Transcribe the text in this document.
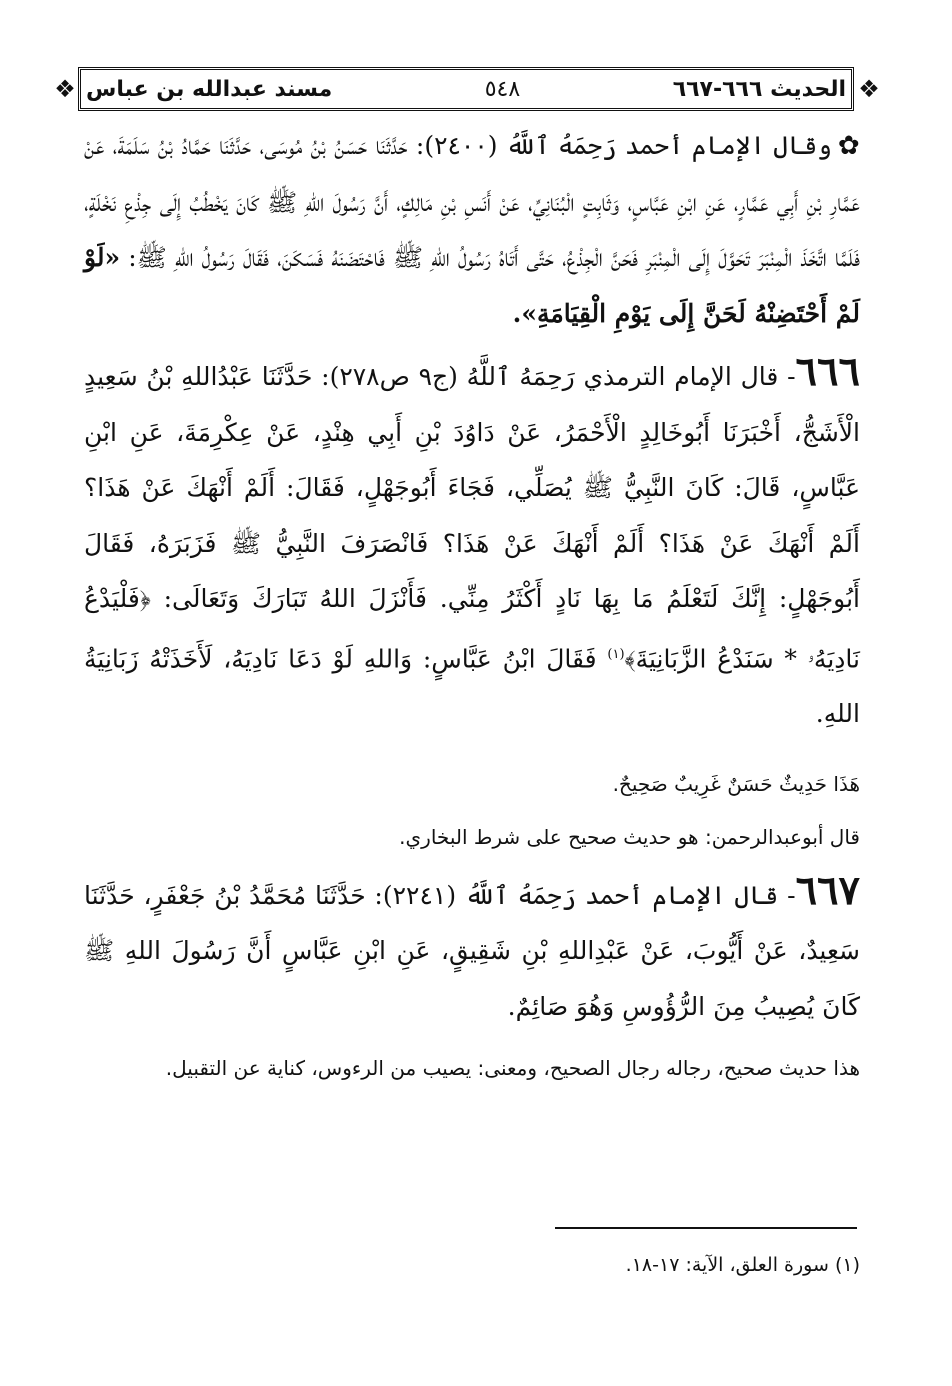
❖	❖
الحديث ٦٦٦-٦٦٧
٥٤٨
مسند عبدالله بن عباس

✿وقال الإمام أحمد رَحِمَهُ ٱللَّهُ (٢٤٠٠): حَدَّثَنَا حَسَنُ بْنُ مُوسَى، حَدَّثَنَا حَمَّادُ بْنُ سَلَمَةَ، عَنْ عَمَّارِ بْنِ أَبِي عَمَّارٍ، عَنِ ابْنِ عَبَّاسٍ، وَثَابِتٍ الْبُنَانِيِّ، عَنْ أَنَسِ بْنِ مَالِكٍ، أَنَّ رَسُولَ اللهِ ﷺ كَانَ يَخْطُبُ إِلَى جِذْعِ نَخْلَةٍ، فَلَمَّا اتَّخَذَ الْمِنْبَرَ تَحَوَّلَ إِلَى الْمِنْبَرِ فَحَنَّ الْجِذْعُ، حَتَّى أَتَاهُ رَسُولُ اللهِ ﷺ فَاحْتَضَنَهُ فَسَكَنَ، فَقَالَ رَسُولُ اللهِ ﷺ: «لَوْ لَمْ أَحْتَضِنْهُ لَحَنَّ إِلَى يَوْمِ الْقِيَامَةِ».

٦٦٦- قال الإمام الترمذي رَحِمَهُ ٱللَّهُ (ج٩ ص٢٧٨): حَدَّثَنَا عَبْدُاللهِ بْنُ سَعِيدٍ الْأَشَجُّ، أَخْبَرَنَا أَبُوخَالِدٍ الْأَحْمَرُ، عَنْ دَاوُدَ بْنِ أَبِي هِنْدٍ، عَنْ عِكْرِمَةَ، عَنِ ابْنِ عَبَّاسٍ، قَالَ: كَانَ النَّبِيُّ ﷺ يُصَلِّي، فَجَاءَ أَبُوجَهْلٍ، فَقَالَ: أَلَمْ أَنْهَكَ عَنْ هَذَا؟ أَلَمْ أَنْهَكَ عَنْ هَذَا؟ أَلَمْ أَنْهَكَ عَنْ هَذَا؟ فَانْصَرَفَ النَّبِيُّ ﷺ فَزَبَرَهُ، فَقَالَ أَبُوجَهْلٍ: إِنَّكَ لَتَعْلَمُ مَا بِهَا نَادٍ أَكْثَرُ مِنِّي. فَأَنْزَلَ اللهُ تَبَارَكَ وَتَعَالَى: ﴿فَلْيَدْعُ نَادِيَهُۥ * سَنَدْعُ الزَّبَانِيَةَ﴾$^{(١)}$ فَقَالَ ابْنُ عَبَّاسٍ: وَاللهِ لَوْ دَعَا نَادِيَهُ، لَأَخَذَتْهُ زَبَانِيَةُ اللهِ.

هَذَا حَدِيثٌ حَسَنٌ غَرِيبٌ صَحِيحٌ.

قال أبوعبدالرحمن: هو حديث صحيح على شرط البخاري.

٦٦٧- قال الإمام أحمد رَحِمَهُ ٱللَّهُ (٢٢٤١): حَدَّثَنَا مُحَمَّدُ بْنُ جَعْفَرٍ، حَدَّثَنَا سَعِيدٌ، عَنْ أَيُّوبَ، عَنْ عَبْدِاللهِ بْنِ شَقِيقٍ، عَنِ ابْنِ عَبَّاسٍ أَنَّ رَسُولَ اللهِ ﷺ كَانَ يُصِيبُ مِنَ الرُّؤُوسِ وَهُوَ صَائِمٌ.

هذا حديث صحيح، رجاله رجال الصحيح، ومعنى: يصيب من الرءوس، كناية عن التقبيل.

(١) سورة العلق، الآية: ١٧-١٨.
